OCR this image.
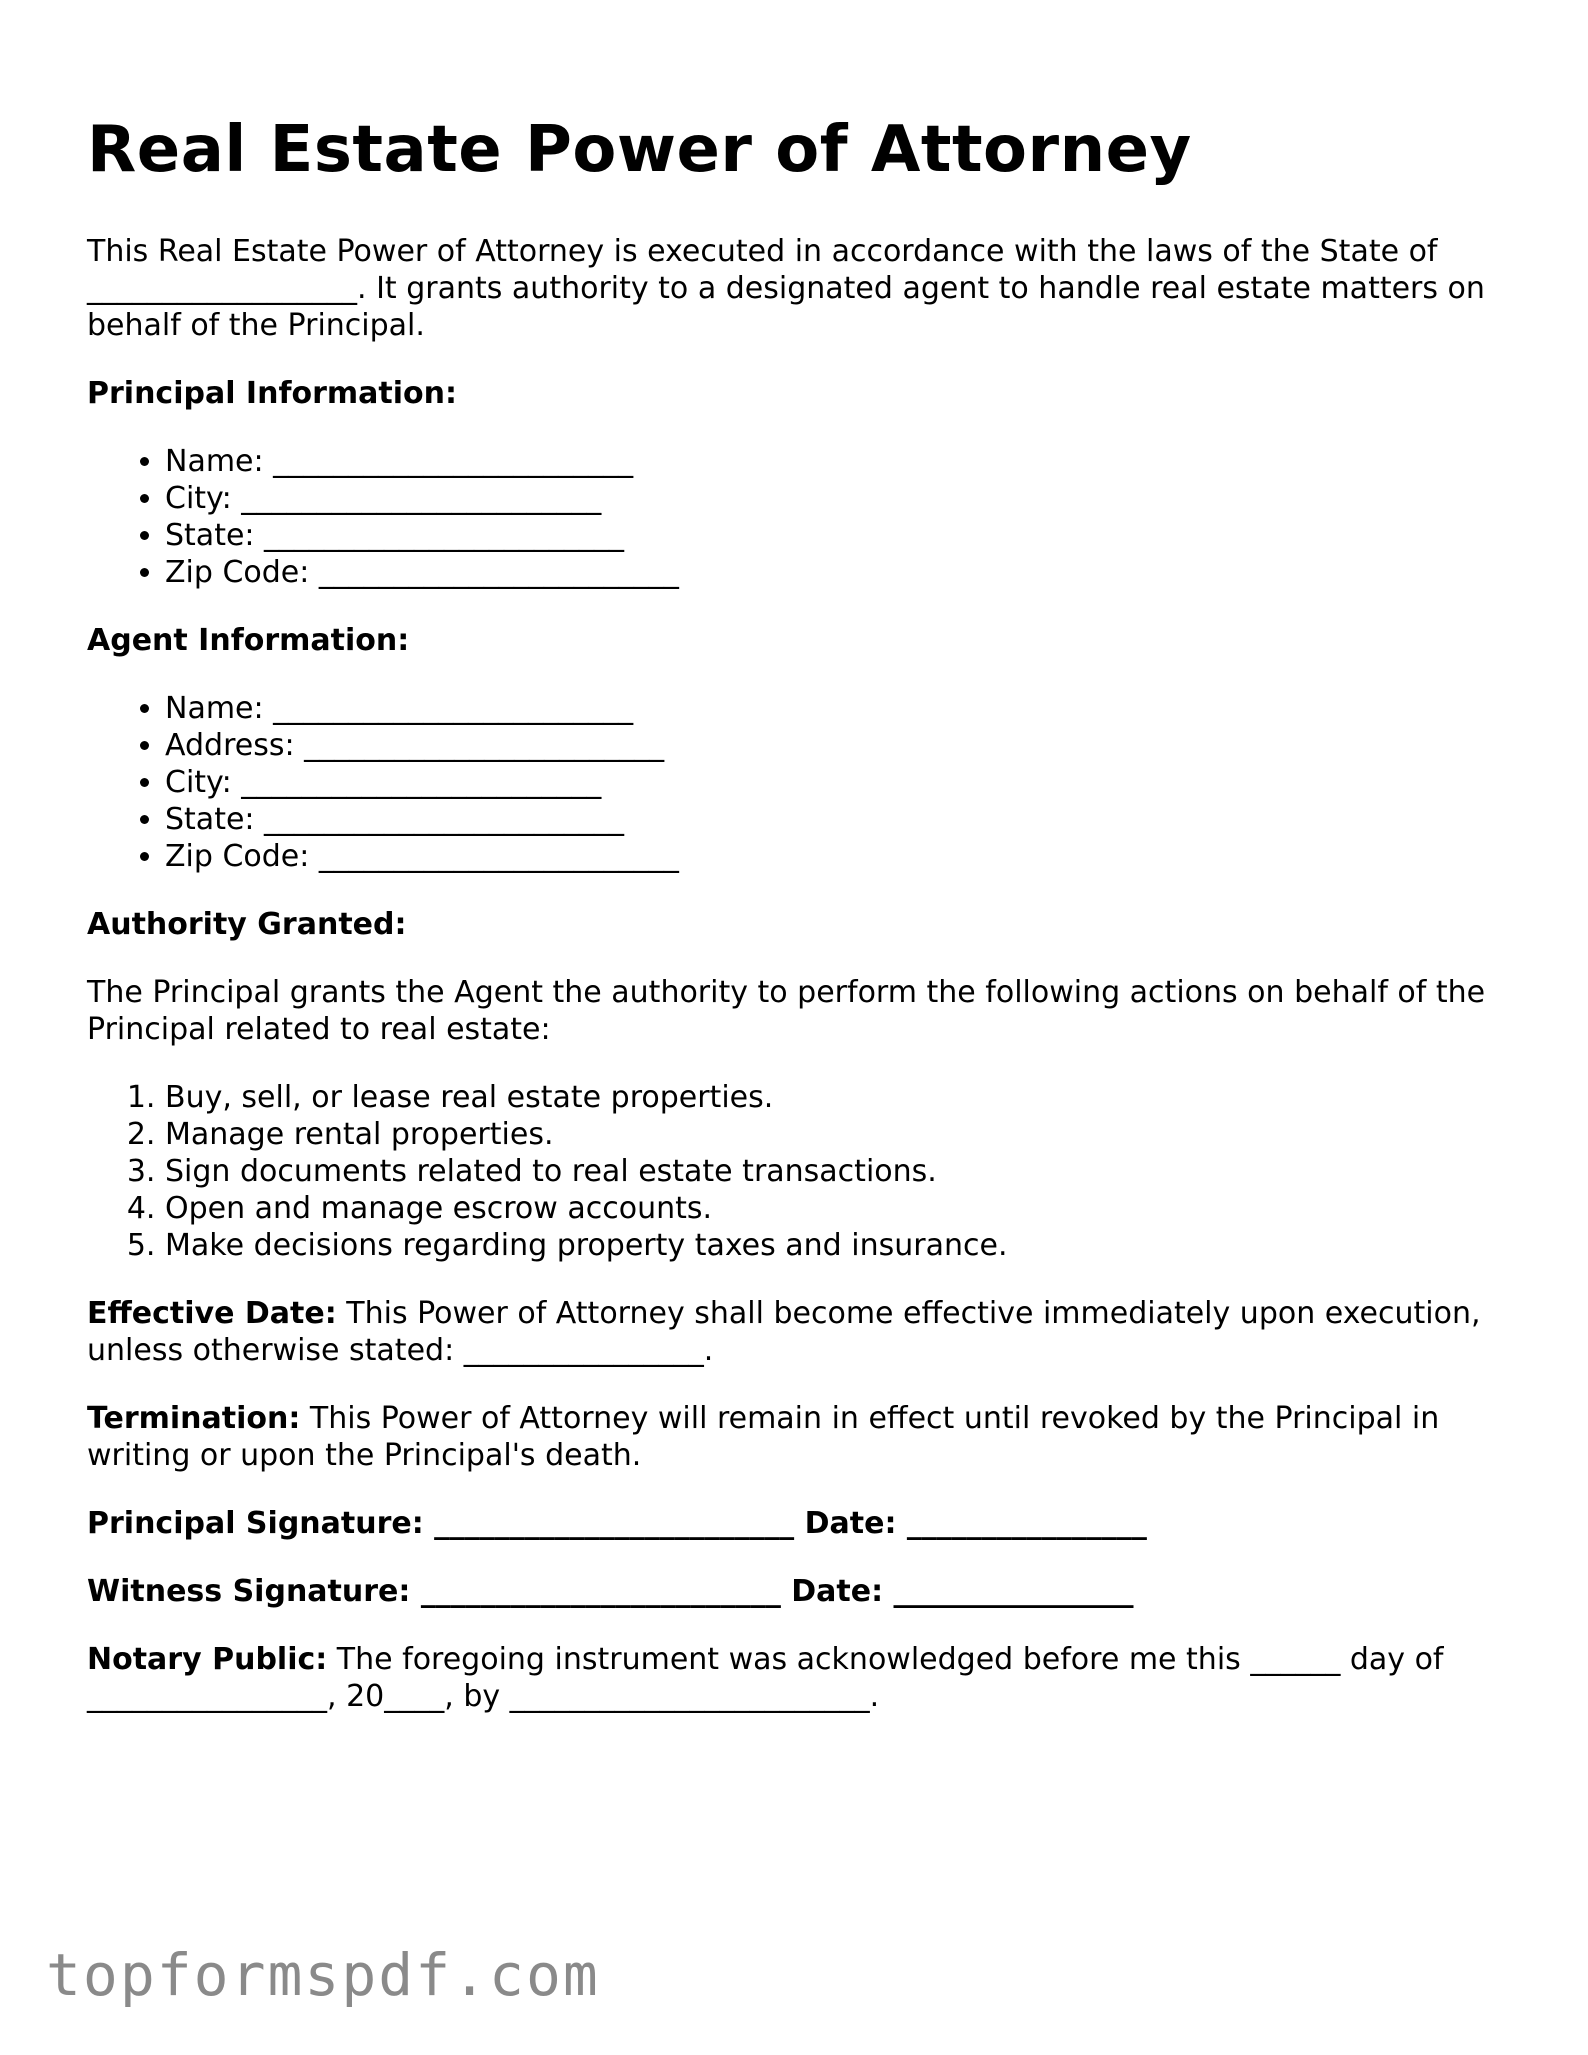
Real Estate Power of Attorney

This Real Estate Power of Attorney is executed in accordance with the laws of the State of __________________. It grants authority to a designated agent to handle real estate matters on behalf of the Principal.

Principal Information:
• Name: ________________________
• City: ________________________
• State: ________________________
• Zip Code: ________________________
Agent Information:
• Name: ________________________
• Address: ________________________
• City: ________________________
• State: ________________________
• Zip Code: ________________________
Authority Granted:

The Principal grants the Agent the authority to perform the following actions on behalf of the Principal related to real estate:

1. Buy, sell, or lease real estate properties.
2. Manage rental properties.
3. Sign documents related to real estate transactions.
4. Open and manage escrow accounts.
5. Make decisions regarding property taxes and insurance.

Effective Date: This Power of Attorney shall become effective immediately upon execution, unless otherwise stated: ________________.

Termination: This Power of Attorney will remain in effect until revoked by the Principal in writing or upon the Principal's death.

Principal Signature: ________________________ Date: ________________
Witness Signature: ________________________ Date: ________________

Notary Public: The foregoing instrument was acknowledged before me this ______ day of ________________, 20____, by ________________________.

topformspdf.com
